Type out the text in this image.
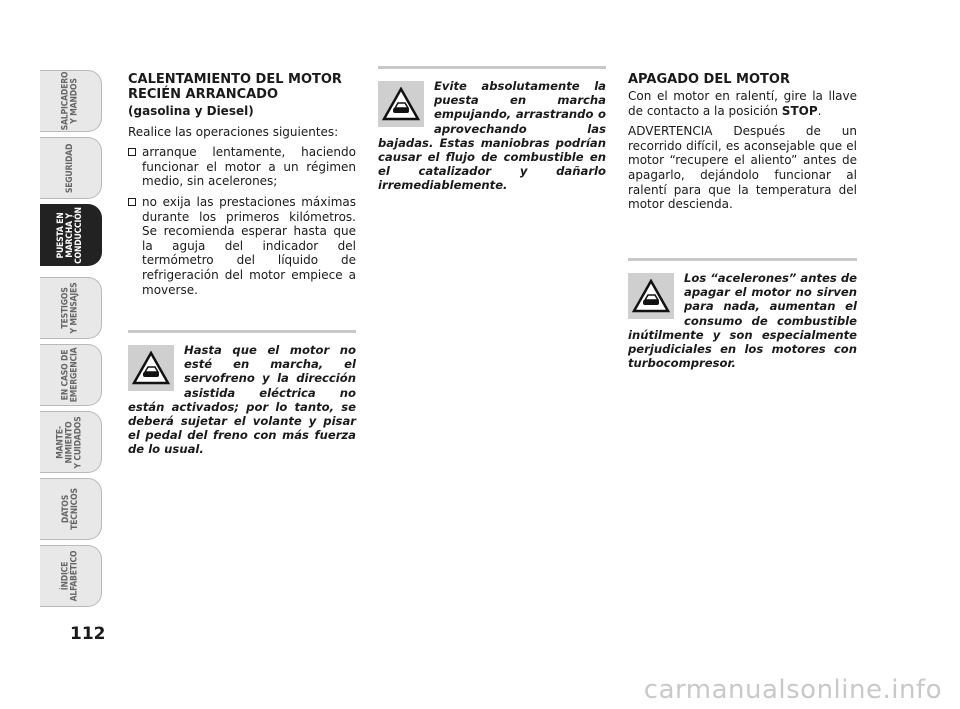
SALPICADERO
Y MANDOS
SEGURIDAD
PUESTA EN
MARCHA Y
CONDUCCIÓN
TESTIGOS
Y MENSAJES
EN CASO DE
EMERGENCIA
MANTE-
NIMIENTO
Y CUIDADOS
DATOS
TÉCNICOS
ÍNDICE
ALFABÉTICO
112
CALENTAMIENTO DEL MOTOR RECIÉN ARRANCADO
(gasolina y Diesel)

Realice las operaciones siguientes:

arranque lentamente, haciendo funcionar el motor a un régimen medio, sin acelerones;
no exija las prestaciones máximas durante los primeros kilómetros. Se recomienda esperar hasta que la aguja del indicador del termómetro del líquido de refrigeración del motor empiece a moverse.
Hasta que el motor no esté en marcha, el servofreno y la dirección asistida eléctrica no están activados; por lo tanto, se deberá sujetar el volante y pisar el pedal del freno con más fuerza de lo usual.
Evite absolutamente la puesta en marcha empujando, arrastrando o aprovechando las bajadas. Estas maniobras podrían causar el flujo de combustible en el catalizador y dañarlo irremediablemente.
APAGADO DEL MOTOR

Con el motor en ralentí, gire la llave de contacto a la posición STOP.

ADVERTENCIA Después de un recorrido difícil, es aconsejable que el motor “recupere el aliento” antes de apagarlo, dejándolo funcionar al ralentí para que la temperatura del motor descienda.

Los “acelerones” antes de apagar el motor no sirven para nada, aumentan el consumo de combustible inútilmente y son especialmente perjudiciales en los motores con turbocompresor.
carmanualsonline.info
